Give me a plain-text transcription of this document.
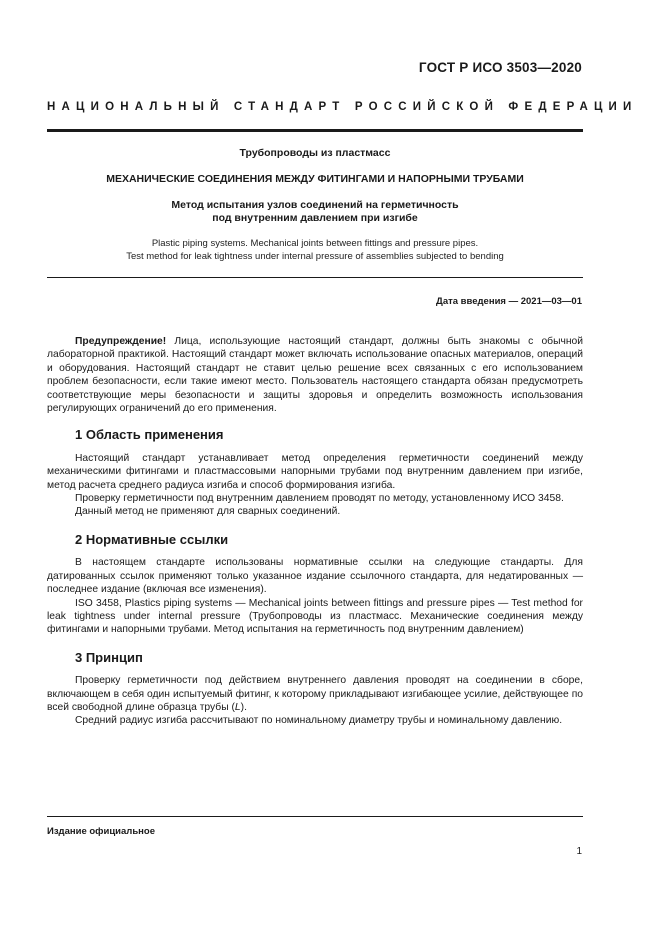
ГОСТ Р ИСО 3503—2020
НАЦИОНАЛЬНЫЙ СТАНДАРТ РОССИЙСКОЙ ФЕДЕРАЦИИ
Трубопроводы из пластмасс
МЕХАНИЧЕСКИЕ СОЕДИНЕНИЯ МЕЖДУ ФИТИНГАМИ И НАПОРНЫМИ ТРУБАМИ
Метод испытания узлов соединений на герметичность
под внутренним давлением при изгибе
Plastic piping systems. Mechanical joints between fittings and pressure pipes.
Test method for leak tightness under internal pressure of assemblies subjected to bending
Дата введения — 2021—03—01

Предупреждение! Лица, использующие настоящий стандарт, должны быть знакомы с обычной лабораторной практикой. Настоящий стандарт может включать использование опасных материалов, операций и оборудования. Настоящий стандарт не ставит целью решение всех связанных с его использованием проблем безопасности, если такие имеют место. Пользователь настоящего стандарта обязан предусмотреть соответствующие меры безопасности и защиты здоровья и определить возможность использования регулирующих ограничений до его применения.

1 Область применения

Настоящий стандарт устанавливает метод определения герметичности соединений между механическими фитингами и пластмассовыми напорными трубами под внутренним давлением при изгибе, метод расчета среднего радиуса изгиба и способ формирования изгиба.

Проверку герметичности под внутренним давлением проводят по методу, установленному ИСО 3458.

Данный метод не применяют для сварных соединений.

2 Нормативные ссылки

В настоящем стандарте использованы нормативные ссылки на следующие стандарты. Для датированных ссылок применяют только указанное издание ссылочного стандарта, для недатированных — последнее издание (включая все изменения).

ISO 3458, Plastics piping systems — Mechanical joints between fittings and pressure pipes — Test method for leak tightness under internal pressure (Трубопроводы из пластмасс. Механические соединения между фитингами и напорными трубами. Метод испытания на герметичность под внутренним давлением)

3 Принцип

Проверку герметичности под действием внутреннего давления проводят на соединении в сборе, включающем в себя один испытуемый фитинг, к которому прикладывают изгибающее усилие, действующее по всей свободной длине образца трубы (L).

Средний радиус изгиба рассчитывают по номинальному диаметру трубы и номинальному давлению.

Издание официальное
1
